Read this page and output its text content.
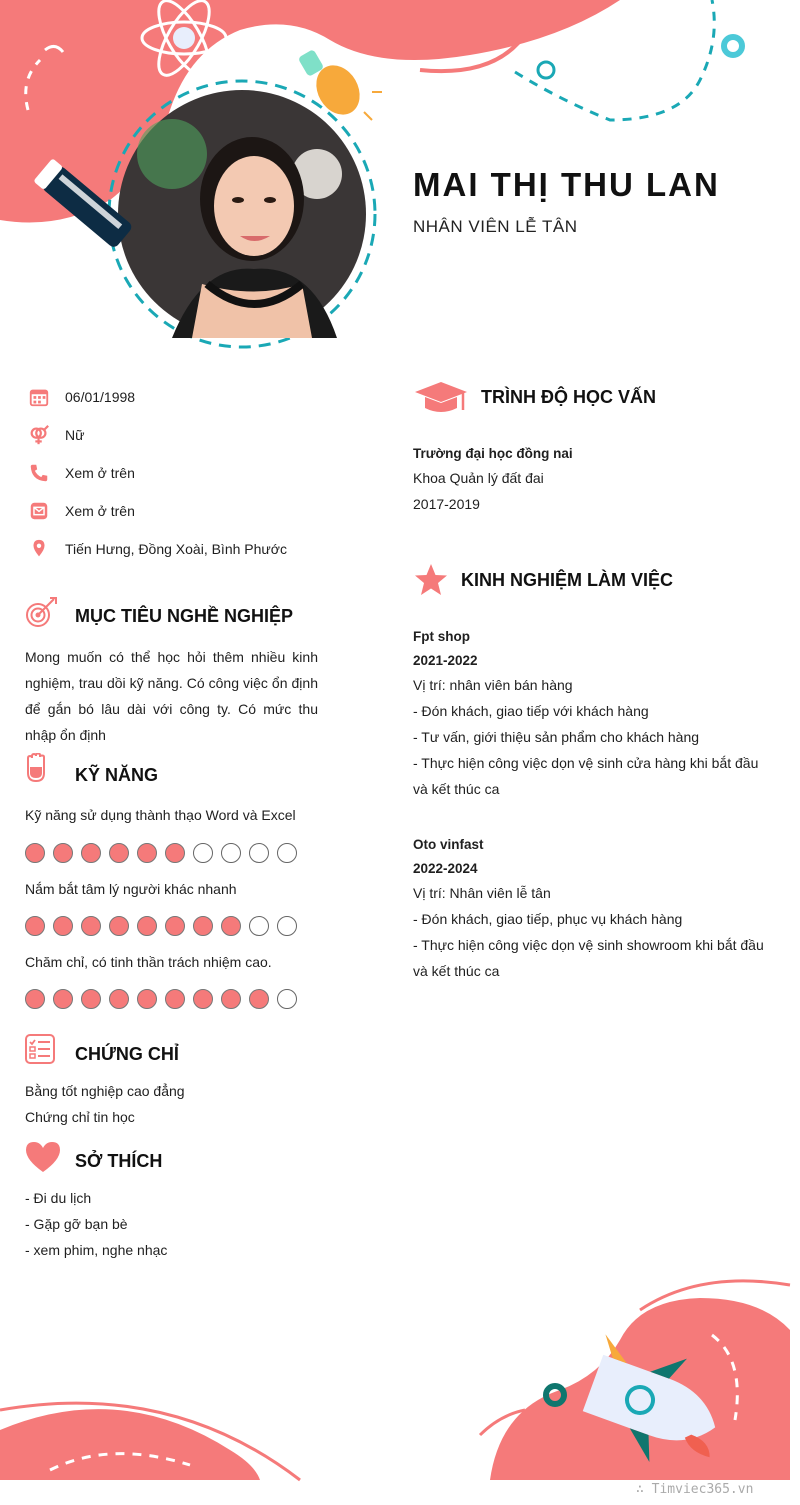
MAI THỊ THU LAN
NHÂN VIÊN LỄ TÂN
06/01/1998
Nữ
Xem ở trên
Xem ở trên
Tiến Hưng, Đồng Xoài, Bình Phước
MỤC TIÊU NGHỀ NGHIỆP
Mong muốn có thể học hỏi thêm nhiều kinh nghiệm, trau dồi kỹ năng. Có công việc ổn định để gắn bó lâu dài với công ty. Có mức thu nhập ổn định
KỸ NĂNG
Kỹ năng sử dụng thành thạo Word và Excel
Nắm bắt tâm lý người khác nhanh
Chăm chỉ, có tinh thần trách nhiệm cao.
CHỨNG CHỈ
Bằng tốt nghiệp cao đẳng
Chứng chỉ tin học
SỞ THÍCH
- Đi du lịch
- Gặp gỡ bạn bè
- xem phim, nghe nhạc
TRÌNH ĐỘ HỌC VẤN
Trường đại học đồng nai
Khoa Quản lý đất đai
2017-2019
KINH NGHIỆM LÀM VIỆC
Fpt shop
2021-2022
Vị trí: nhân viên bán hàng
- Đón khách, giao tiếp với khách hàng
- Tư vấn, giới thiệu sản phẩm cho khách hàng
- Thực hiện công việc dọn vệ sinh cửa hàng khi bắt đầu
và kết thúc ca
Oto vinfast
2022-2024
Vị trí: Nhân viên lễ tân
- Đón khách, giao tiếp, phục vụ khách hàng
- Thực hiện công việc dọn vệ sinh showroom khi bắt đầu
và kết thúc ca
∴ Timviec365.vn
